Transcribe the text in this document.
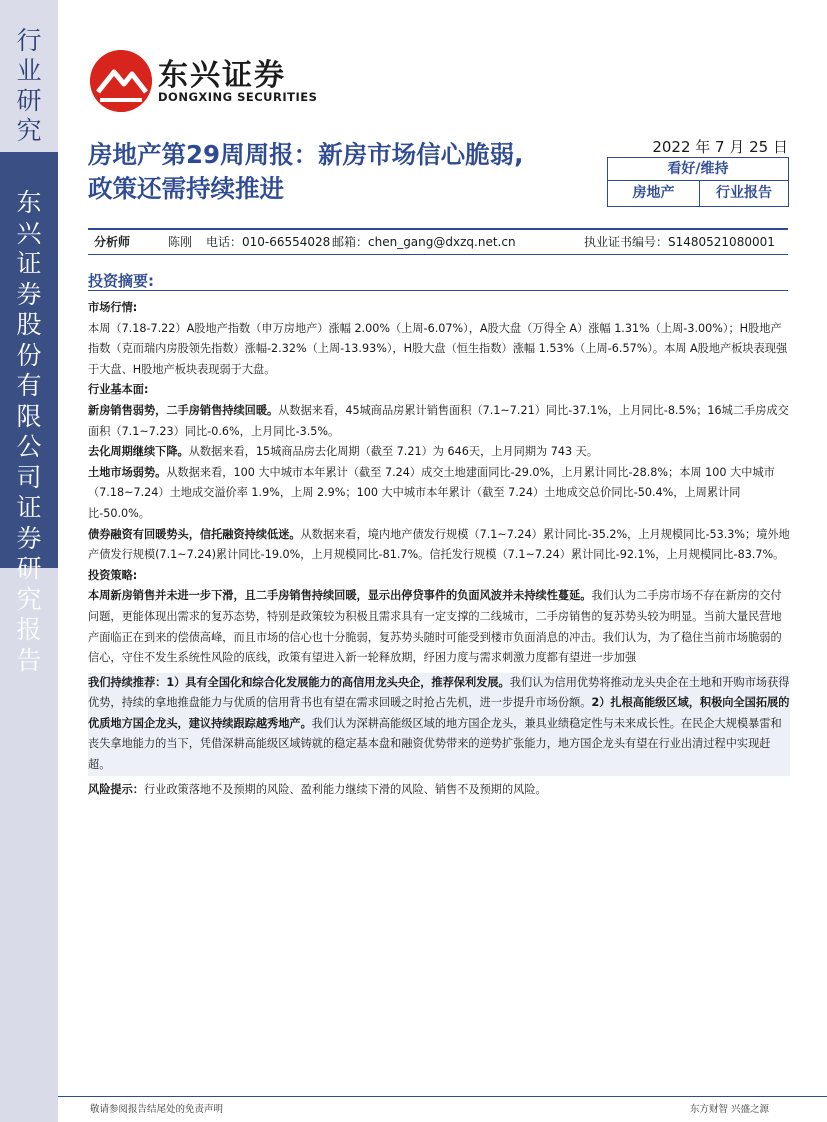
行业研究
东兴证券股份有限公司证券研究报告
东兴证券
DONGXING SECURITIES
房地产第29周周报：新房市场信心脆弱,
政策还需持续推进
2022 年 7 月 25 日
看好/维持
房地产	行业报告
分析师	陈刚 电话：010-66554028 邮箱：chen_gang@dxzq.net.cn	执业证书编号：S1480521080001
投资摘要:

市场行情:

本周（7.18-7.22）A股地产指数（申万房地产）涨幅 2.00%（上周-6.07%），A股大盘（万得全 A）涨幅 1.31%（上周-3.00%）；H股地产指数（克而瑞内房股领先指数）涨幅-2.32%（上周-13.93%），H股大盘（恒生指数）涨幅 1.53%（上周-6.57%）。本周 A股地产板块表现强于大盘、H股地产板块表现弱于大盘。

行业基本面:

新房销售弱势，二手房销售持续回暖。从数据来看，45城商品房累计销售面积（7.1~7.21）同比-37.1%，上月同比-8.5%；16城二手房成交面积（7.1~7.23）同比-0.6%，上月同比-3.5%。

去化周期继续下降。从数据来看，15城商品房去化周期（截至 7.21）为 646天，上月同期为 743 天。

土地市场弱势。从数据来看，100 大中城市本年累计（截至 7.24）成交土地建面同比-29.0%，上月累计同比-28.8%；本周 100 大中城市（7.18~7.24）土地成交溢价率 1.9%，上周 2.9%；100 大中城市本年累计（截至 7.24）土地成交总价同比-50.4%，上周累计同比-50.0%。

债券融资有回暖势头，信托融资持续低迷。从数据来看，境内地产债发行规模（7.1~7.24）累计同比-35.2%，上月规模同比-53.3%；境外地产债发行规模(7.1~7.24)累计同比-19.0%，上月规模同比-81.7%。信托发行规模（7.1~7.24）累计同比-92.1%，上月规模同比-83.7%。

投资策略:

本周新房销售并未进一步下滑，且二手房销售持续回暖，显示出停贷事件的负面风波并未持续性蔓延。我们认为二手房市场不存在新房的交付问题，更能体现出需求的复苏态势，特别是政策较为积极且需求具有一定支撑的二线城市，二手房销售的复苏势头较为明显。当前大量民营地产面临正在到来的偿债高峰，而且市场的信心也十分脆弱，复苏势头随时可能受到楼市负面消息的冲击。我们认为，为了稳住当前市场脆弱的信心，守住不发生系统性风险的底线，政策有望进入新一轮释放期，纾困力度与需求刺激力度都有望进一步加强

我们持续推荐：1）具有全国化和综合化发展能力的高信用龙头央企，推荐保利发展。我们认为信用优势将推动龙头央企在土地和开购市场获得优势，持续的拿地推盘能力与优质的信用背书也有望在需求回暖之时抢占先机，进一步提升市场份额。2）扎根高能级区域，积极向全国拓展的优质地方国企龙头，建议持续跟踪越秀地产。我们认为深耕高能级区域的地方国企龙头，兼具业绩稳定性与未来成长性。在民企大规模暴雷和丧失拿地能力的当下，凭借深耕高能级区域铸就的稳定基本盘和融资优势带来的逆势扩张能力，地方国企龙头有望在行业出清过程中实现赶超。

风险提示：行业政策落地不及预期的风险、盈利能力继续下滑的风险、销售不及预期的风险。

敬请参阅报告结尾处的免责声明	东方财智 兴盛之源
